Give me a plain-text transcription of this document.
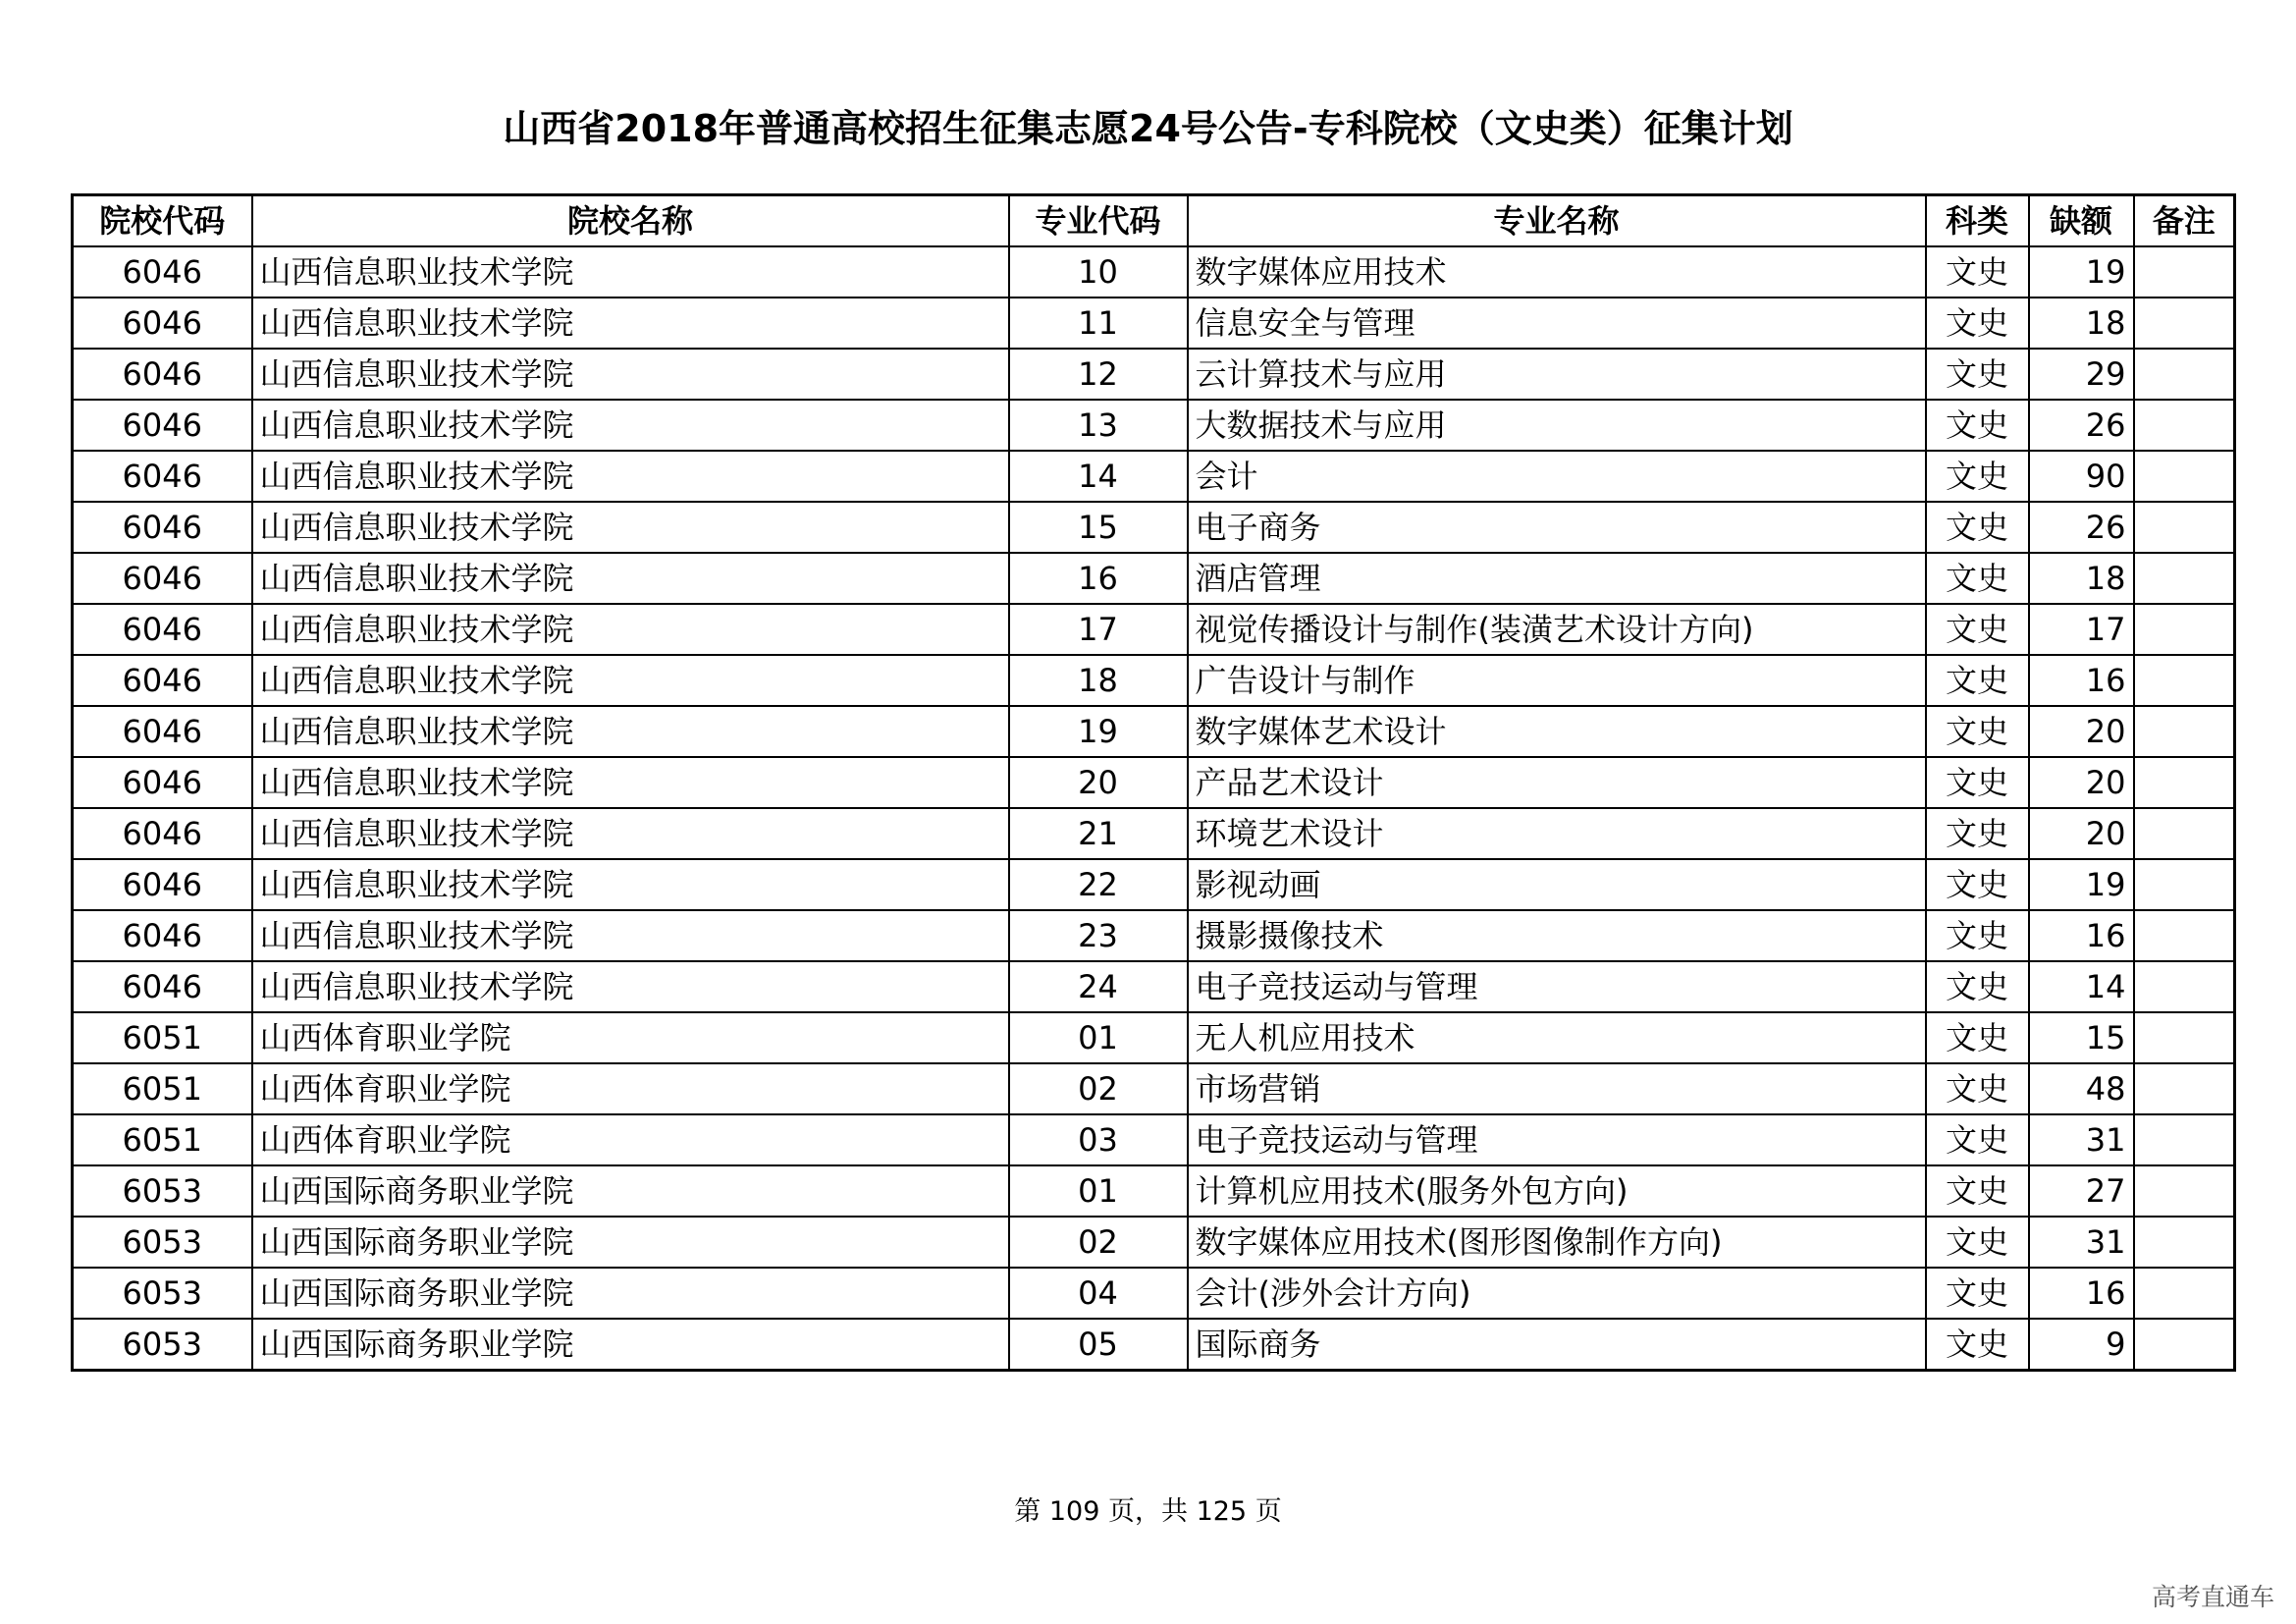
山西省2018年普通高校招生征集志愿24号公告-专科院校（文史类）征集计划
院校代码	院校名称	专业代码	专业名称	科类	缺额	备注
6046	山西信息职业技术学院	10	数字媒体应用技术	文史	19	
6046	山西信息职业技术学院	11	信息安全与管理	文史	18	
6046	山西信息职业技术学院	12	云计算技术与应用	文史	29	
6046	山西信息职业技术学院	13	大数据技术与应用	文史	26	
6046	山西信息职业技术学院	14	会计	文史	90	
6046	山西信息职业技术学院	15	电子商务	文史	26	
6046	山西信息职业技术学院	16	酒店管理	文史	18	
6046	山西信息职业技术学院	17	视觉传播设计与制作(装潢艺术设计方向)	文史	17	
6046	山西信息职业技术学院	18	广告设计与制作	文史	16	
6046	山西信息职业技术学院	19	数字媒体艺术设计	文史	20	
6046	山西信息职业技术学院	20	产品艺术设计	文史	20	
6046	山西信息职业技术学院	21	环境艺术设计	文史	20	
6046	山西信息职业技术学院	22	影视动画	文史	19	
6046	山西信息职业技术学院	23	摄影摄像技术	文史	16	
6046	山西信息职业技术学院	24	电子竞技运动与管理	文史	14	
6051	山西体育职业学院	01	无人机应用技术	文史	15	
6051	山西体育职业学院	02	市场营销	文史	48	
6051	山西体育职业学院	03	电子竞技运动与管理	文史	31	
6053	山西国际商务职业学院	01	计算机应用技术(服务外包方向)	文史	27	
6053	山西国际商务职业学院	02	数字媒体应用技术(图形图像制作方向)	文史	31	
6053	山西国际商务职业学院	04	会计(涉外会计方向)	文史	16	
6053	山西国际商务职业学院	05	国际商务	文史	9	
第 109 页，共 125 页
高考直通车
